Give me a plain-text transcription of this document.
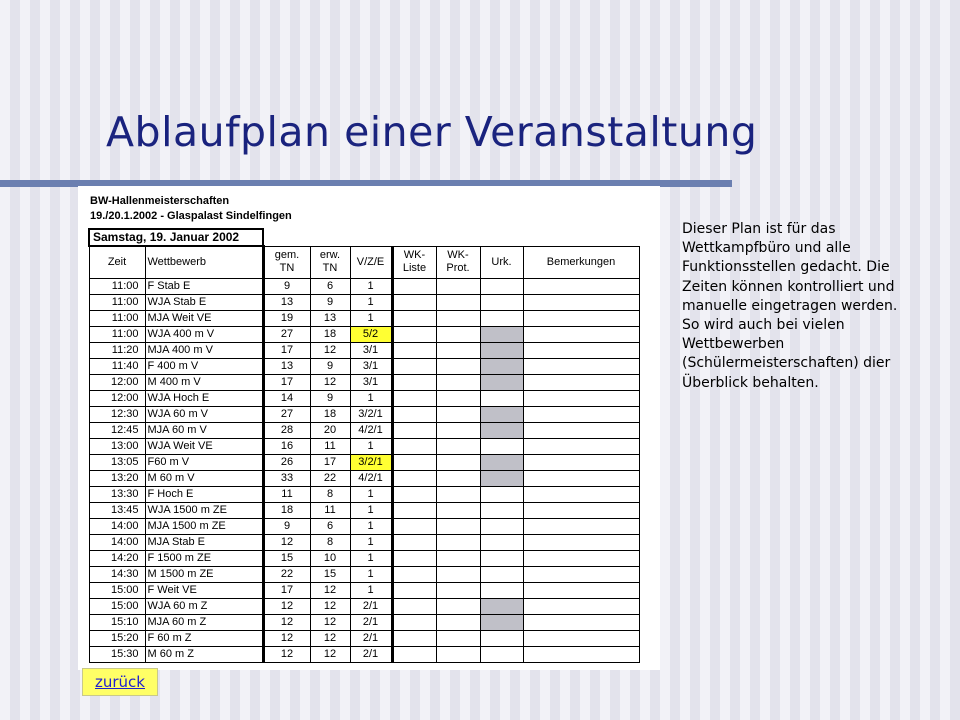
Ablaufplan einer Veranstaltung
BW-Hallenmeisterschaften
19./20.1.2002 - Glaspalast Sindelfingen
Samstag, 19. Januar 2002								
Zeit	Wettbewerb	gem. TN	erw. TN	V/Z/E	WK-Liste	WK-Prot.	Urk.	Bemerkungen
11:00	F Stab E	9	6	1				
11:00	WJA Stab E	13	9	1				
11:00	MJA Weit VE	19	13	1				
11:00	WJA 400 m V	27	18	5/2				
11:20	MJA 400 m V	17	12	3/1				
11:40	F 400 m V	13	9	3/1				
12:00	M 400 m V	17	12	3/1				
12:00	WJA Hoch E	14	9	1				
12:30	WJA 60 m V	27	18	3/2/1				
12:45	MJA 60 m V	28	20	4/2/1				
13:00	WJA Weit VE	16	11	1				
13:05	F60 m V	26	17	3/2/1				
13:20	M 60 m V	33	22	4/2/1				
13:30	F Hoch E	11	8	1				
13:45	WJA 1500 m ZE	18	11	1				
14:00	MJA 1500 m ZE	9	6	1				
14:00	MJA Stab E	12	8	1				
14:20	F 1500 m ZE	15	10	1				
14:30	M 1500 m ZE	22	15	1				
15:00	F Weit VE	17	12	1				
15:00	WJA 60 m Z	12	12	2/1				
15:10	MJA 60 m Z	12	12	2/1				
15:20	F 60 m Z	12	12	2/1				
15:30	M 60 m Z	12	12	2/1				

Dieser Plan ist für das Wettkampfbüro und alle Funktionsstellen gedacht. Die Zeiten können kontrolliert und manuelle eingetragen werden. So wird auch bei vielen Wettbewerben (Schülermeisterschaften) dier Überblick behalten.

zurück
